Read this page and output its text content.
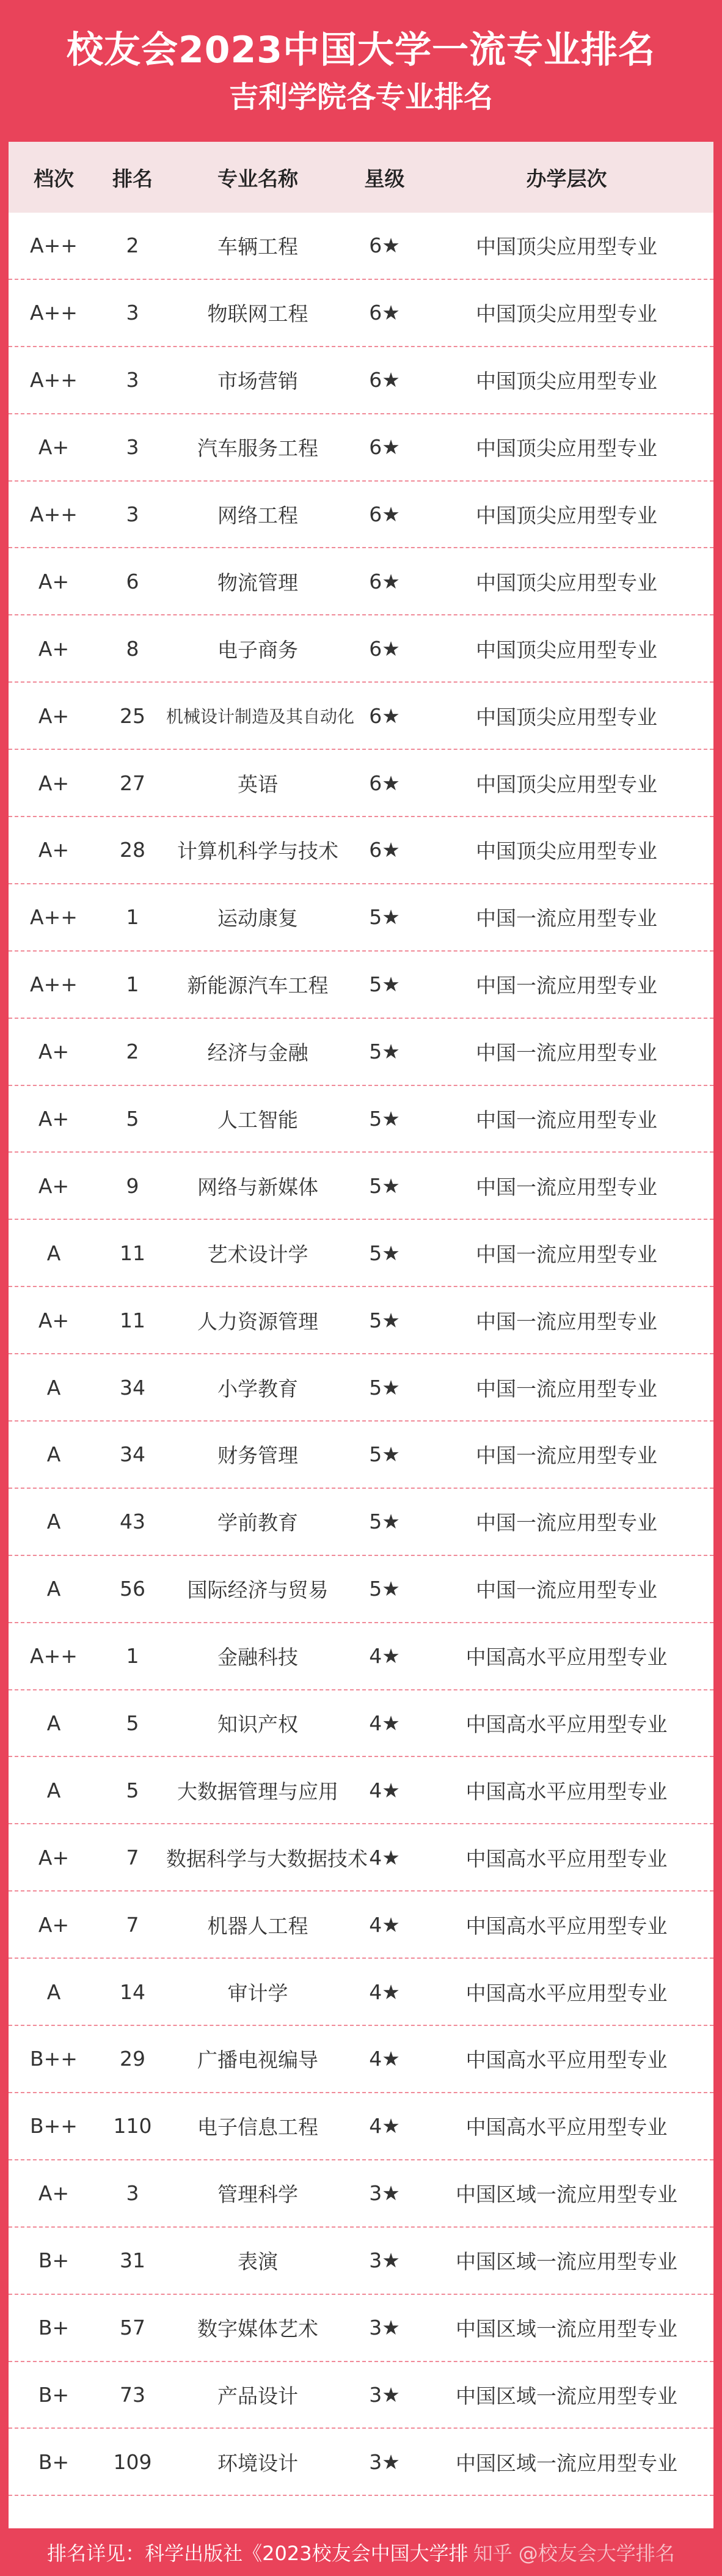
校友会2023中国大学一流专业排名
吉利学院各专业排名
档次	排名	专业名称	星级	办学层次
A++	2	车辆工程	6★	中国顶尖应用型专业
A++	3	物联网工程	6★	中国顶尖应用型专业
A++	3	市场营销	6★	中国顶尖应用型专业
A+	3	汽车服务工程	6★	中国顶尖应用型专业
A++	3	网络工程	6★	中国顶尖应用型专业
A+	6	物流管理	6★	中国顶尖应用型专业
A+	8	电子商务	6★	中国顶尖应用型专业
A+	25	机械设计制造及其自动化 6★	中国顶尖应用型专业
A+	27	英语	6★	中国顶尖应用型专业
A+	28	计算机科学与技术	6★	中国顶尖应用型专业
A++	1	运动康复	5★	中国一流应用型专业
A++	1	新能源汽车工程	5★	中国一流应用型专业
A+	2	经济与金融	5★	中国一流应用型专业
A+	5	人工智能	5★	中国一流应用型专业
A+	9	网络与新媒体	5★	中国一流应用型专业
A	11	艺术设计学	5★	中国一流应用型专业
A+	11	人力资源管理	5★	中国一流应用型专业
A	34	小学教育	5★	中国一流应用型专业
A	34	财务管理	5★	中国一流应用型专业
A	43	学前教育	5★	中国一流应用型专业
A	56	国际经济与贸易	5★	中国一流应用型专业
A++	1	金融科技	4★	中国高水平应用型专业
A	5	知识产权	4★	中国高水平应用型专业
A	5	大数据管理与应用	4★	中国高水平应用型专业
A+	7	数据科学与大数据技术 4★	中国高水平应用型专业
A+	7	机器人工程	4★	中国高水平应用型专业
A	14	审计学	4★	中国高水平应用型专业
B++	29	广播电视编导	4★	中国高水平应用型专业
B++	110	电子信息工程	4★	中国高水平应用型专业
A+	3	管理科学	3★	中国区域一流应用型专业
B+	31	表演	3★	中国区域一流应用型专业
B+	57	数字媒体艺术	3★	中国区域一流应用型专业
B+	73	产品设计	3★	中国区域一流应用型专业
B+	109	环境设计	3★	中国区域一流应用型专业
排名详见：科学出版社《2023校友会中国大学排 知乎 @校友会大学排名
